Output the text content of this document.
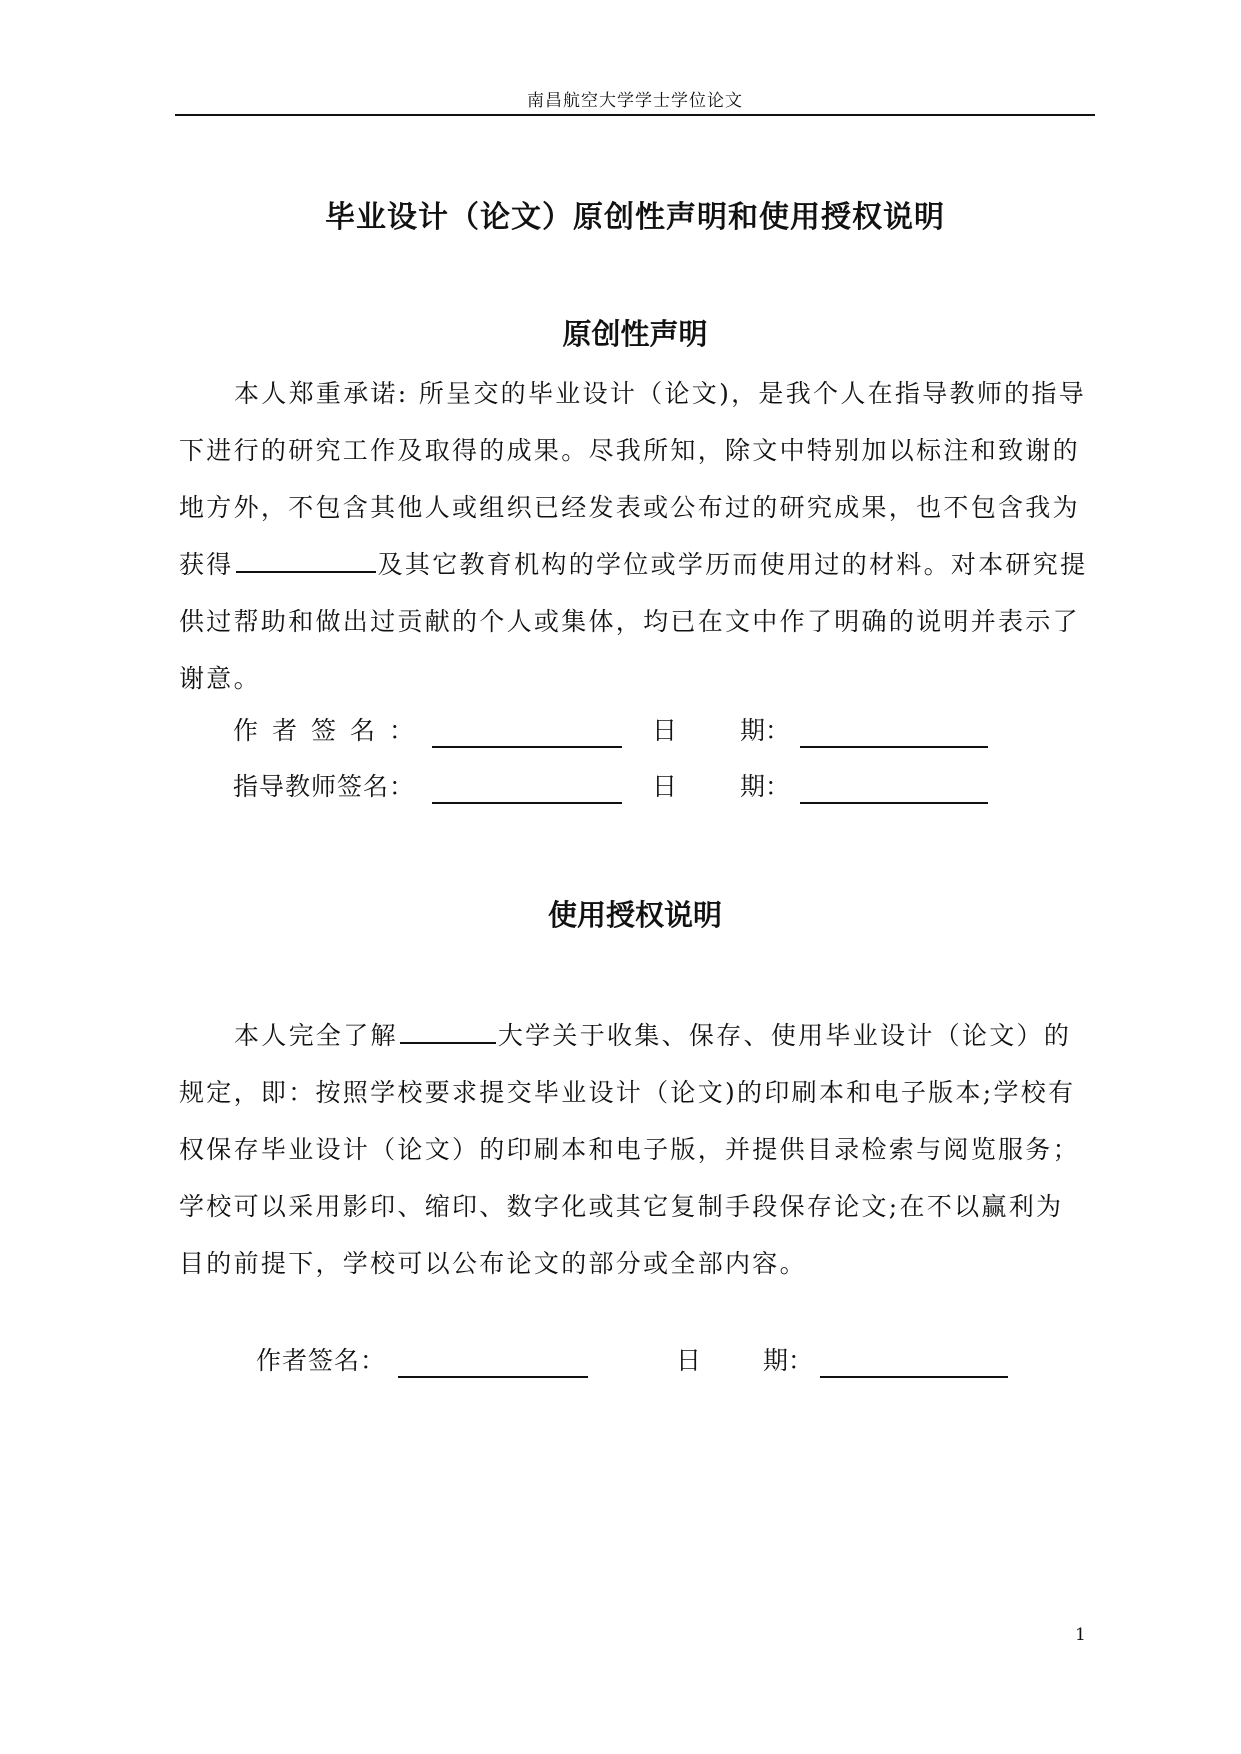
南昌航空大学学士学位论文
毕业设计（论文）原创性声明和使用授权说明
原创性声明

本人郑重承诺: 所呈交的毕业设计（论文)，是我个人在指导教师的指导下进行的研究工作及取得的成果。尽我所知，除文中特别加以标注和致谢的地方外，不包含其他人或组织已经发表或公布过的研究成果，也不包含我为获得	及其它教育机构的学位或学历而使用过的材料。对本研究提供过帮助和做出过贡献的个人或集体，均已在文中作了明确的说明并表示了谢意。

作者签名：	日	期：
指导教师签名：	日	期：
使用授权说明

本人完全了解	大学关于收集、保存、使用毕业设计（论文）的规定，即：按照学校要求提交毕业设计（论文)的印刷本和电子版本;学校有权保存毕业设计（论文）的印刷本和电子版，并提供目录检索与阅览服务；学校可以采用影印、缩印、数字化或其它复制手段保存论文;在不以赢利为目的前提下，学校可以公布论文的部分或全部内容。

作者签名：	日 期：
1
